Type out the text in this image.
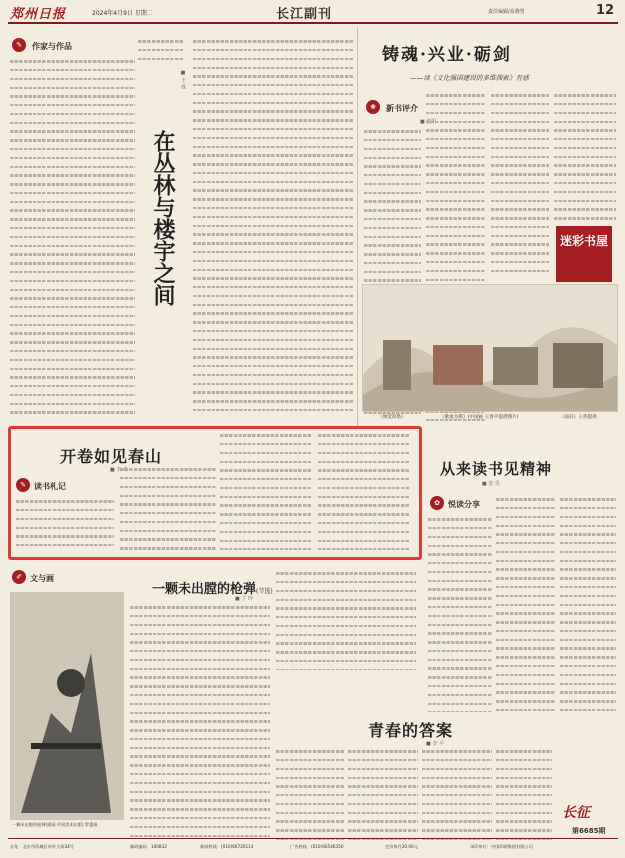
郑州日报	2024年4月9日 星期二	长江副刊	责任编辑/高骁男	12
✎	作家与作品
在丛林与楼宇之间
■ 王 成
铸魂·兴业·砺剑
——读《文化强国建设的多维探索》有感
❀	新书评介
■ 张阳
迷彩书屋
《闻觉同塔》	《歌血为援》(中国画 王春平提供图片)	《战轩》王伟提供
开卷如见春山
■ 李 卓
✎	读书札记
从来读书见精神
■ 张 乐
✿	悦读分享
✐	文与画
一颗未出膛的枪弹(插画 中国美术出版) 罗惠娟
一颗未出膛的枪弹(节选)
■ 丁 玲
青春的答案
■ 李 平
长征
第6685期
社址：北京市西城区阜外大街34号	邮政编码：100832	新闻热线：(010)66720114	广告热线：(010)66546350	定价每月20.00元	承印单位：中国印刷集团有限公司
